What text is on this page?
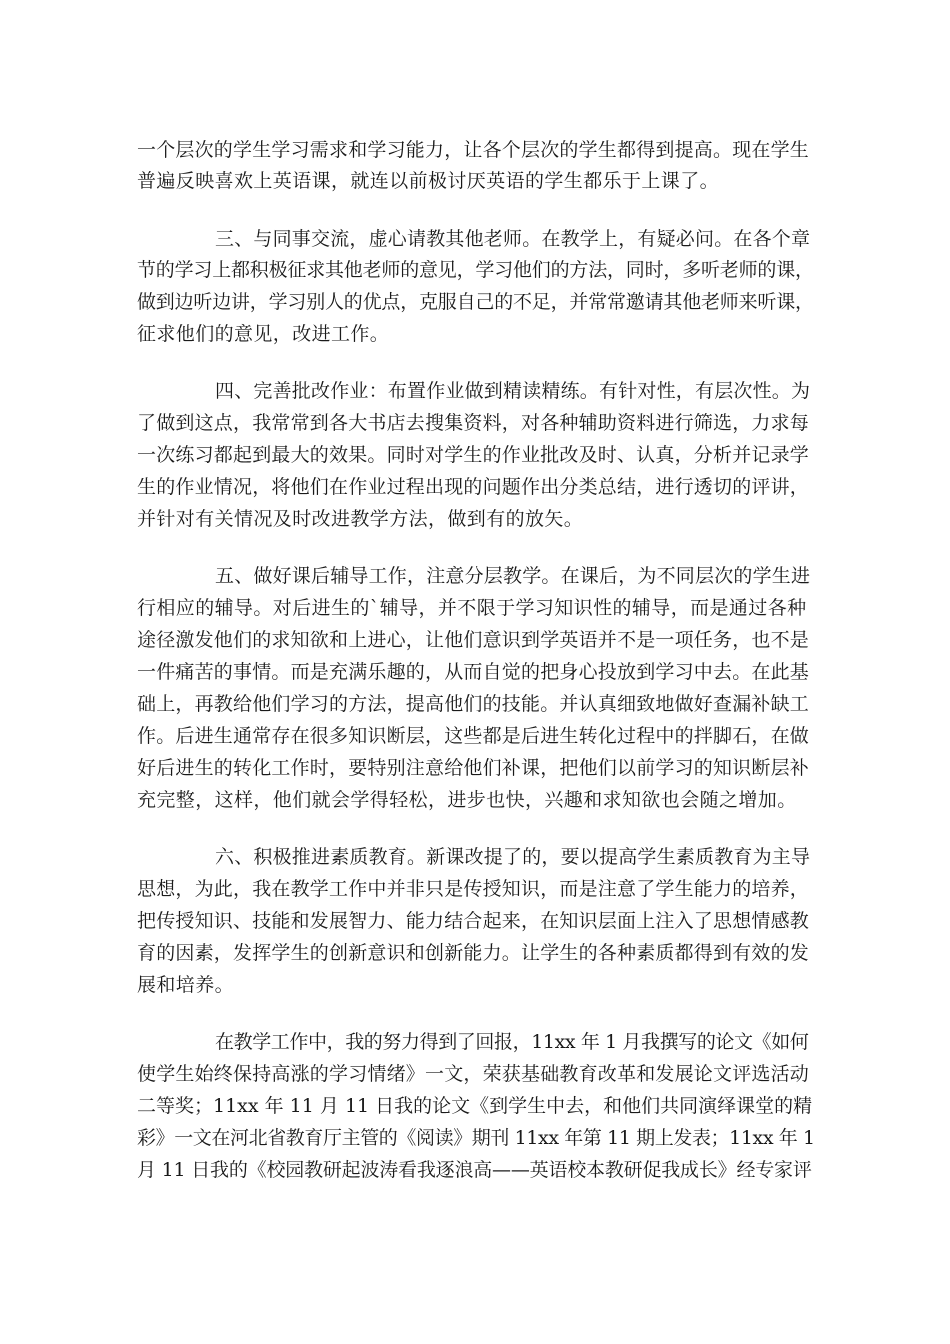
一个层次的学生学习需求和学习能力，让各个层次的学生都得到提高。现在学生
普遍反映喜欢上英语课，就连以前极讨厌英语的学生都乐于上课了。
三、与同事交流，虚心请教其他老师。在教学上，有疑必问。在各个章
节的学习上都积极征求其他老师的意见，学习他们的方法，同时，多听老师的课，
做到边听边讲，学习别人的优点，克服自己的不足，并常常邀请其他老师来听课，
征求他们的意见，改进工作。
四、完善批改作业：布置作业做到精读精练。有针对性，有层次性。为
了做到这点，我常常到各大书店去搜集资料，对各种辅助资料进行筛选，力求每
一次练习都起到最大的效果。同时对学生的作业批改及时、认真，分析并记录学
生的作业情况，将他们在作业过程出现的问题作出分类总结，进行透切的评讲，
并针对有关情况及时改进教学方法，做到有的放矢。
五、做好课后辅导工作，注意分层教学。在课后，为不同层次的学生进
行相应的辅导。对后进生的`辅导，并不限于学习知识性的辅导，而是通过各种
途径激发他们的求知欲和上进心，让他们意识到学英语并不是一项任务，也不是
一件痛苦的事情。而是充满乐趣的，从而自觉的把身心投放到学习中去。在此基
础上，再教给他们学习的方法，提高他们的技能。并认真细致地做好查漏补缺工
作。后进生通常存在很多知识断层，这些都是后进生转化过程中的拌脚石，在做
好后进生的转化工作时，要特别注意给他们补课，把他们以前学习的知识断层补
充完整，这样，他们就会学得轻松，进步也快，兴趣和求知欲也会随之增加。
六、积极推进素质教育。新课改提了的，要以提高学生素质教育为主导
思想，为此，我在教学工作中并非只是传授知识，而是注意了学生能力的培养，
把传授知识、技能和发展智力、能力结合起来，在知识层面上注入了思想情感教
育的因素，发挥学生的创新意识和创新能力。让学生的各种素质都得到有效的发
展和培养。
在教学工作中，我的努力得到了回报，11xx 年 1 月我撰写的论文《如何
使学生始终保持高涨的学习情绪》一文，荣获基础教育改革和发展论文评选活动
二等奖；11xx 年 11 月 11 日我的论文《到学生中去，和他们共同演绎课堂的精
彩》一文在河北省教育厅主管的《阅读》期刊 11xx 年第 11 期上发表；11xx 年 1
月 11 日我的《校园教研起波涛看我逐浪高——英语校本教研促我成长》经专家评
